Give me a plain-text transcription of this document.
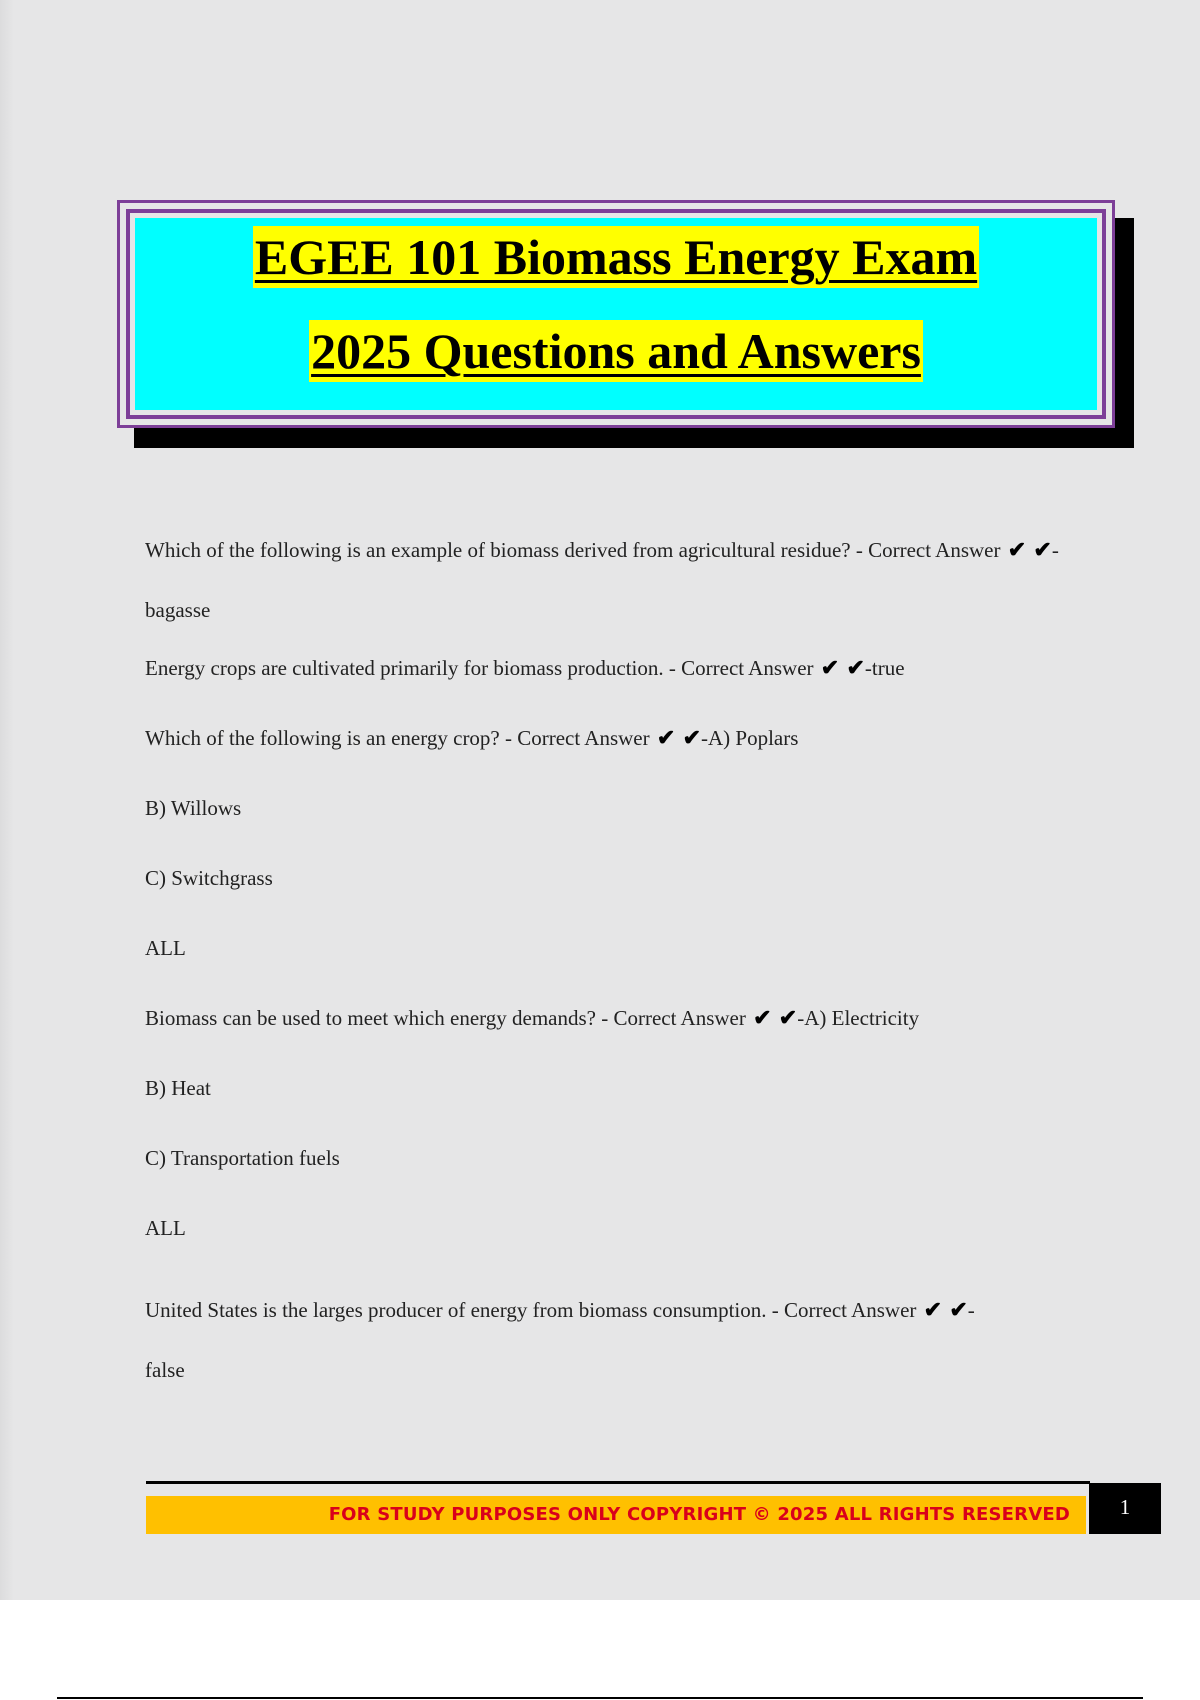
EGEE 101 Biomass Energy Exam
2025 Questions and Answers

Which of the following is an example of biomass derived from agricultural residue? - Correct Answer ✔ ✔-bagasse

Energy crops are cultivated primarily for biomass production. - Correct Answer ✔ ✔-true

Which of the following is an energy crop? - Correct Answer ✔ ✔-A) Poplars

B) Willows

C) Switchgrass

ALL

Biomass can be used to meet which energy demands? - Correct Answer ✔ ✔-A) Electricity

B) Heat

C) Transportation fuels

ALL

United States is the larges producer of energy from biomass consumption. - Correct Answer ✔ ✔-
false

FOR STUDY PURPOSES ONLY COPYRIGHT © 2025 ALL RIGHTS RESERVED	1
